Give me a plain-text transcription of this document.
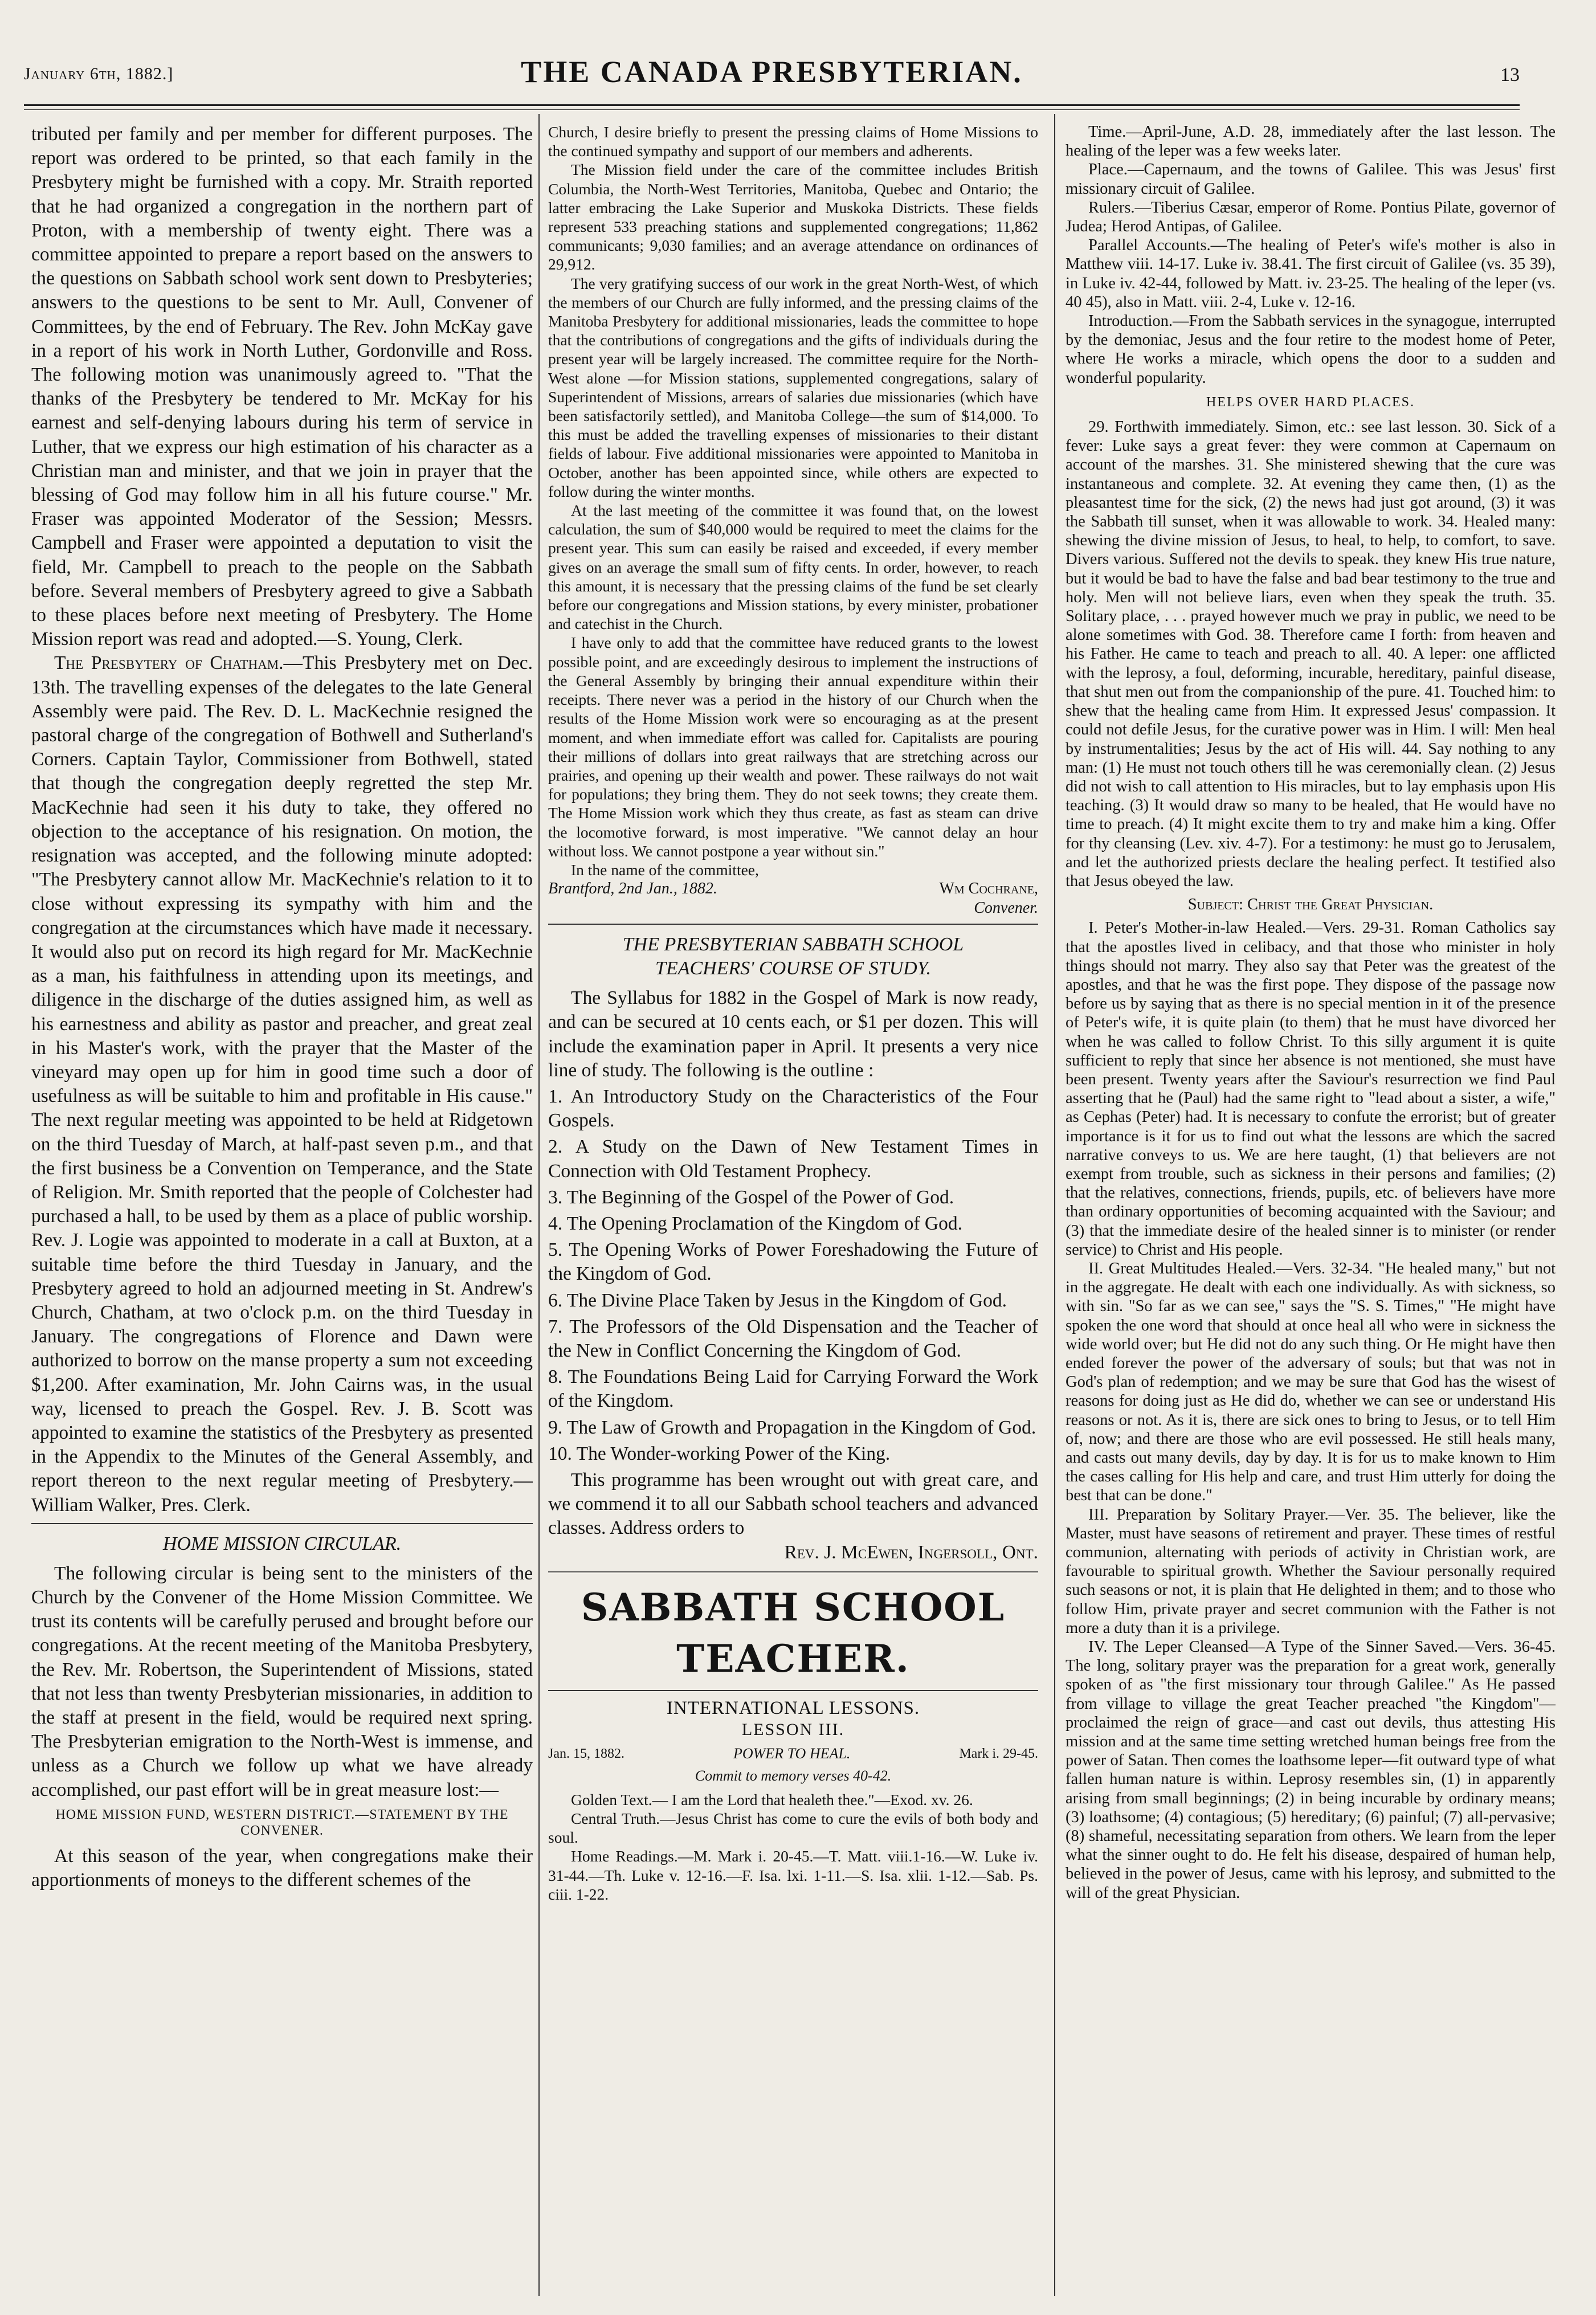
January 6th, 1882.]	THE CANADA PRESBYTERIAN.	13

tributed per family and per member for different purposes. The report was ordered to be printed, so that each family in the Presbytery might be furnished with a copy. Mr. Straith reported that he had organized a congregation in the northern part of Proton, with a membership of twenty eight. There was a committee appointed to prepare a report based on the answers to the questions on Sabbath school work sent down to Presbyteries; answers to the questions to be sent to Mr. Aull, Convener of Committees, by the end of February. The Rev. John McKay gave in a report of his work in North Luther, Gordonville and Ross. The following motion was unanimously agreed to. "That the thanks of the Presbytery be tendered to Mr. McKay for his earnest and self-denying labours during his term of service in Luther, that we express our high estimation of his character as a Christian man and minister, and that we join in prayer that the blessing of God may follow him in all his future course." Mr. Fraser was appointed Moderator of the Session; Messrs. Campbell and Fraser were appointed a deputation to visit the field, Mr. Campbell to preach to the people on the Sabbath before. Several members of Presbytery agreed to give a Sabbath to these places before next meeting of Presbytery. The Home Mission report was read and adopted.—S. Young, Clerk.

The Presbytery of Chatham.—This Presbytery met on Dec. 13th. The travelling expenses of the delegates to the late General Assembly were paid. The Rev. D. L. MacKechnie resigned the pastoral charge of the congregation of Bothwell and Sutherland's Corners. Captain Taylor, Commissioner from Bothwell, stated that though the congregation deeply regretted the step Mr. MacKechnie had seen it his duty to take, they offered no objection to the acceptance of his resignation. On motion, the resignation was accepted, and the following minute adopted: "The Presbytery cannot allow Mr. MacKechnie's relation to it to close without expressing its sympathy with him and the congregation at the circumstances which have made it necessary. It would also put on record its high regard for Mr. MacKechnie as a man, his faithfulness in attending upon its meetings, and diligence in the discharge of the duties assigned him, as well as his earnestness and ability as pastor and preacher, and great zeal in his Master's work, with the prayer that the Master of the vineyard may open up for him in good time such a door of usefulness as will be suitable to him and profitable in His cause." The next regular meeting was appointed to be held at Ridgetown on the third Tuesday of March, at half-past seven p.m., and that the first business be a Convention on Temperance, and the State of Religion. Mr. Smith reported that the people of Colchester had purchased a hall, to be used by them as a place of public worship. Rev. J. Logie was appointed to moderate in a call at Buxton, at a suitable time before the third Tuesday in January, and the Presbytery agreed to hold an adjourned meeting in St. Andrew's Church, Chatham, at two o'clock p.m. on the third Tuesday in January. The congregations of Florence and Dawn were authorized to borrow on the manse property a sum not exceeding $1,200. After examination, Mr. John Cairns was, in the usual way, licensed to preach the Gospel. Rev. J. B. Scott was appointed to examine the statistics of the Presbytery as presented in the Appendix to the Minutes of the General Assembly, and report thereon to the next regular meeting of Presbytery.—William Walker, Pres. Clerk.

HOME MISSION CIRCULAR.

The following circular is being sent to the ministers of the Church by the Convener of the Home Mission Committee. We trust its contents will be carefully perused and brought before our congregations. At the recent meeting of the Manitoba Presbytery, the Rev. Mr. Robertson, the Superintendent of Missions, stated that not less than twenty Presbyterian missionaries, in addition to the staff at present in the field, would be required next spring. The Presbyterian emigration to the North-West is immense, and unless as a Church we follow up what we have already accomplished, our past effort will be in great measure lost:—

HOME MISSION FUND, WESTERN DISTRICT.—STATEMENT BY THE CONVENER.

At this season of the year, when congregations make their apportionments of moneys to the different schemes of the

Church, I desire briefly to present the pressing claims of Home Missions to the continued sympathy and support of our members and adherents.

The Mission field under the care of the committee includes British Columbia, the North-West Territories, Manitoba, Quebec and Ontario; the latter embracing the Lake Superior and Muskoka Districts. These fields represent 533 preaching stations and supplemented congregations; 11,862 communicants; 9,030 families; and an average attendance on ordinances of 29,912.

The very gratifying success of our work in the great North-West, of which the members of our Church are fully informed, and the pressing claims of the Manitoba Presbytery for additional missionaries, leads the committee to hope that the contributions of congregations and the gifts of individuals during the present year will be largely increased. The committee require for the North-West alone —for Mission stations, supplemented congregations, salary of Superintendent of Missions, arrears of salaries due missionaries (which have been satisfactorily settled), and Manitoba College—the sum of $14,000. To this must be added the travelling expenses of missionaries to their distant fields of labour. Five additional missionaries were appointed to Manitoba in October, another has been appointed since, while others are expected to follow during the winter months.

At the last meeting of the committee it was found that, on the lowest calculation, the sum of $40,000 would be required to meet the claims for the present year. This sum can easily be raised and exceeded, if every member gives on an average the small sum of fifty cents. In order, however, to reach this amount, it is necessary that the pressing claims of the fund be set clearly before our congregations and Mission stations, by every minister, probationer and catechist in the Church.

I have only to add that the committee have reduced grants to the lowest possible point, and are exceedingly desirous to implement the instructions of the General Assembly by bringing their annual expenditure within their receipts. There never was a period in the history of our Church when the results of the Home Mission work were so encouraging as at the present moment, and when immediate effort was called for. Capitalists are pouring their millions of dollars into great railways that are stretching across our prairies, and opening up their wealth and power. These railways do not wait for populations; they bring them. They do not seek towns; they create them. The Home Mission work which they thus create, as fast as steam can drive the locomotive forward, is most imperative. "We cannot delay an hour without loss. We cannot postpone a year without sin."

In the name of the committee,

Brantford, 2nd Jan., 1882.	Wm Cochrane,
Convener.
THE PRESBYTERIAN SABBATH SCHOOL
TEACHERS' COURSE OF STUDY.

The Syllabus for 1882 in the Gospel of Mark is now ready, and can be secured at 10 cents each, or $1 per dozen. This will include the examination paper in April. It presents a very nice line of study. The following is the outline :

1. An Introductory Study on the Characteristics of the Four Gospels.

2. A Study on the Dawn of New Testament Times in Connection with Old Testament Prophecy.

3. The Beginning of the Gospel of the Power of God.

4. The Opening Proclamation of the Kingdom of God.

5. The Opening Works of Power Foreshadowing the Future of the Kingdom of God.

6. The Divine Place Taken by Jesus in the Kingdom of God.

7. The Professors of the Old Dispensation and the Teacher of the New in Conflict Concerning the Kingdom of God.

8. The Foundations Being Laid for Carrying Forward the Work of the Kingdom.

9. The Law of Growth and Propagation in the Kingdom of God.

10. The Wonder-working Power of the King.

This programme has been wrought out with great care, and we commend it to all our Sabbath school teachers and advanced classes. Address orders to

Rev. J. McEwen, Ingersoll, Ont.

SABBATH SCHOOL TEACHER.
INTERNATIONAL LESSONS.
LESSON III.
Jan. 15, 1882.	POWER TO HEAL.	Mark i. 29-45.
Commit to memory verses 40-42.

Golden Text.— I am the Lord that healeth thee."—Exod. xv. 26.

Central Truth.—Jesus Christ has come to cure the evils of both body and soul.

Home Readings.—M. Mark i. 20-45.—T. Matt. viii.1-16.—W. Luke iv. 31-44.—Th. Luke v. 12-16.—F. Isa. lxi. 1-11.—S. Isa. xlii. 1-12.—Sab. Ps. ciii. 1-22.

Time.—April-June, A.D. 28, immediately after the last lesson. The healing of the leper was a few weeks later.

Place.—Capernaum, and the towns of Galilee. This was Jesus' first missionary circuit of Galilee.

Rulers.—Tiberius Cæsar, emperor of Rome. Pontius Pilate, governor of Judea; Herod Antipas, of Galilee.

Parallel Accounts.—The healing of Peter's wife's mother is also in Matthew viii. 14-17. Luke iv. 38.41. The first circuit of Galilee (vs. 35 39), in Luke iv. 42-44, followed by Matt. iv. 23-25. The healing of the leper (vs. 40 45), also in Matt. viii. 2-4, Luke v. 12-16.

Introduction.—From the Sabbath services in the synagogue, interrupted by the demoniac, Jesus and the four retire to the modest home of Peter, where He works a miracle, which opens the door to a sudden and wonderful popularity.

HELPS OVER HARD PLACES.

29. Forthwith immediately. Simon, etc.: see last lesson. 30. Sick of a fever: Luke says a great fever: they were common at Capernaum on account of the marshes. 31. She ministered shewing that the cure was instantaneous and complete. 32. At evening they came then, (1) as the pleasantest time for the sick, (2) the news had just got around, (3) it was the Sabbath till sunset, when it was allowable to work. 34. Healed many: shewing the divine mission of Jesus, to heal, to help, to comfort, to save. Divers various. Suffered not the devils to speak. they knew His true nature, but it would be bad to have the false and bad bear testimony to the true and holy. Men will not believe liars, even when they speak the truth. 35. Solitary place, . . . prayed however much we pray in public, we need to be alone sometimes with God. 38. Therefore came I forth: from heaven and his Father. He came to teach and preach to all. 40. A leper: one afflicted with the leprosy, a foul, deforming, incurable, hereditary, painful disease, that shut men out from the companionship of the pure. 41. Touched him: to shew that the healing came from Him. It expressed Jesus' compassion. It could not defile Jesus, for the curative power was in Him. I will: Men heal by instrumentalities; Jesus by the act of His will. 44. Say nothing to any man: (1) He must not touch others till he was ceremonially clean. (2) Jesus did not wish to call attention to His miracles, but to lay emphasis upon His teaching. (3) It would draw so many to be healed, that He would have no time to preach. (4) It might excite them to try and make him a king. Offer for thy cleansing (Lev. xiv. 4-7). For a testimony: he must go to Jerusalem, and let the authorized priests declare the healing perfect. It testified also that Jesus obeyed the law.

Subject: Christ the Great Physician.

I. Peter's Mother-in-law Healed.—Vers. 29-31. Roman Catholics say that the apostles lived in celibacy, and that those who minister in holy things should not marry. They also say that Peter was the greatest of the apostles, and that he was the first pope. They dispose of the passage now before us by saying that as there is no special mention in it of the presence of Peter's wife, it is quite plain (to them) that he must have divorced her when he was called to follow Christ. To this silly argument it is quite sufficient to reply that since her absence is not mentioned, she must have been present. Twenty years after the Saviour's resurrection we find Paul asserting that he (Paul) had the same right to "lead about a sister, a wife," as Cephas (Peter) had. It is necessary to confute the errorist; but of greater importance is it for us to find out what the lessons are which the sacred narrative conveys to us. We are here taught, (1) that believers are not exempt from trouble, such as sickness in their persons and families; (2) that the relatives, connections, friends, pupils, etc. of believers have more than ordinary opportunities of becoming acquainted with the Saviour; and (3) that the immediate desire of the healed sinner is to minister (or render service) to Christ and His people.

II. Great Multitudes Healed.—Vers. 32-34. "He healed many," but not in the aggregate. He dealt with each one individually. As with sickness, so with sin. "So far as we can see," says the "S. S. Times," "He might have spoken the one word that should at once heal all who were in sickness the wide world over; but He did not do any such thing. Or He might have then ended forever the power of the adversary of souls; but that was not in God's plan of redemption; and we may be sure that God has the wisest of reasons for doing just as He did do, whether we can see or understand His reasons or not. As it is, there are sick ones to bring to Jesus, or to tell Him of, now; and there are those who are evil possessed. He still heals many, and casts out many devils, day by day. It is for us to make known to Him the cases calling for His help and care, and trust Him utterly for doing the best that can be done."

III. Preparation by Solitary Prayer.—Ver. 35. The believer, like the Master, must have seasons of retirement and prayer. These times of restful communion, alternating with periods of activity in Christian work, are favourable to spiritual growth. Whether the Saviour personally required such seasons or not, it is plain that He delighted in them; and to those who follow Him, private prayer and secret communion with the Father is not more a duty than it is a privilege.

IV. The Leper Cleansed—A Type of the Sinner Saved.—Vers. 36-45. The long, solitary prayer was the preparation for a great work, generally spoken of as "the first missionary tour through Galilee." As He passed from village to village the great Teacher preached "the Kingdom"—proclaimed the reign of grace—and cast out devils, thus attesting His mission and at the same time setting wretched human beings free from the power of Satan. Then comes the loathsome leper—fit outward type of what fallen human nature is within. Leprosy resembles sin, (1) in apparently arising from small beginnings; (2) in being incurable by ordinary means; (3) loathsome; (4) contagious; (5) hereditary; (6) painful; (7) all-pervasive; (8) shameful, necessitating separation from others. We learn from the leper what the sinner ought to do. He felt his disease, despaired of human help, believed in the power of Jesus, came with his leprosy, and submitted to the will of the great Physician.
